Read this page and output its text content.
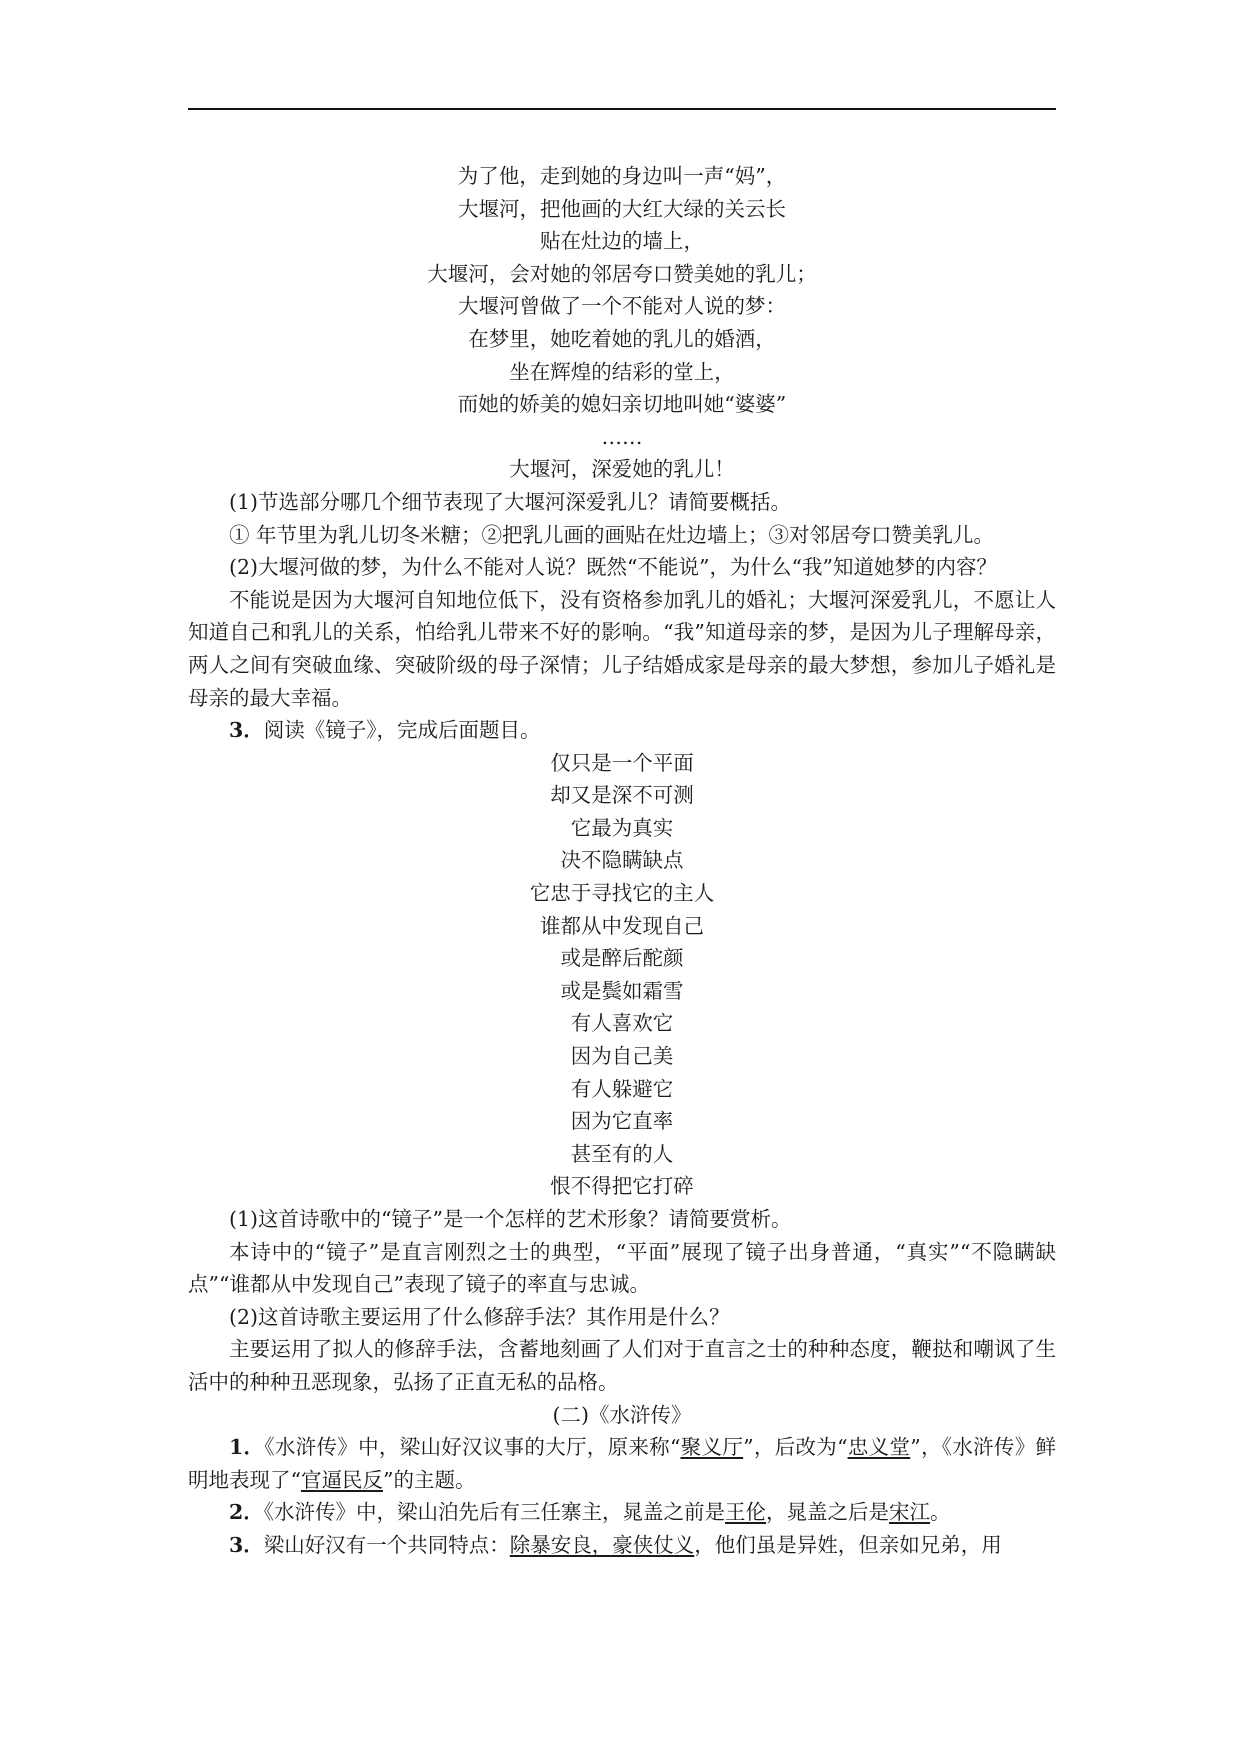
为了他，走到她的身边叫一声“妈”，
大堰河，把他画的大红大绿的关云长
贴在灶边的墙上，
大堰河，会对她的邻居夸口赞美她的乳儿；
大堰河曾做了一个不能对人说的梦：
在梦里，她吃着她的乳儿的婚酒，
坐在辉煌的结彩的堂上，
而她的娇美的媳妇亲切地叫她“婆婆”
……
大堰河，深爱她的乳儿！
(1)节选部分哪几个细节表现了大堰河深爱乳儿？请简要概括。
① 年节里为乳儿切冬米糖；②把乳儿画的画贴在灶边墙上；③对邻居夸口赞美乳儿。
(2)大堰河做的梦，为什么不能对人说？既然“不能说”，为什么“我”知道她梦的内容？
不能说是因为大堰河自知地位低下，没有资格参加乳儿的婚礼；大堰河深爱乳儿，不愿让人知道自己和乳儿的关系，怕给乳儿带来不好的影响。“我”知道母亲的梦，是因为儿子理解母亲，两人之间有突破血缘、突破阶级的母子深情；儿子结婚成家是母亲的最大梦想，参加儿子婚礼是母亲的最大幸福。
3．阅读《镜子》，完成后面题目。
仅只是一个平面
却又是深不可测
它最为真实
决不隐瞒缺点
它忠于寻找它的主人
谁都从中发现自己
或是醉后酡颜
或是鬓如霜雪
有人喜欢它
因为自己美
有人躲避它
因为它直率
甚至有的人
恨不得把它打碎
(1)这首诗歌中的“镜子”是一个怎样的艺术形象？请简要赏析。
本诗中的“镜子”是直言刚烈之士的典型，“平面”展现了镜子出身普通，“真实”“不隐瞒缺点”“谁都从中发现自己”表现了镜子的率直与忠诚。
(2)这首诗歌主要运用了什么修辞手法？其作用是什么？
主要运用了拟人的修辞手法，含蓄地刻画了人们对于直言之士的种种态度，鞭挞和嘲讽了生活中的种种丑恶现象，弘扬了正直无私的品格。
(二)《水浒传》
1．《水浒传》中，梁山好汉议事的大厅，原来称“聚义厅”，后改为“忠义堂”，《水浒传》鲜明地表现了“官逼民反”的主题。
2．《水浒传》中，梁山泊先后有三任寨主，晁盖之前是王伦，晁盖之后是宋江。
3．梁山好汉有一个共同特点：除暴安良，豪侠仗义，他们虽是异姓，但亲如兄弟，用
